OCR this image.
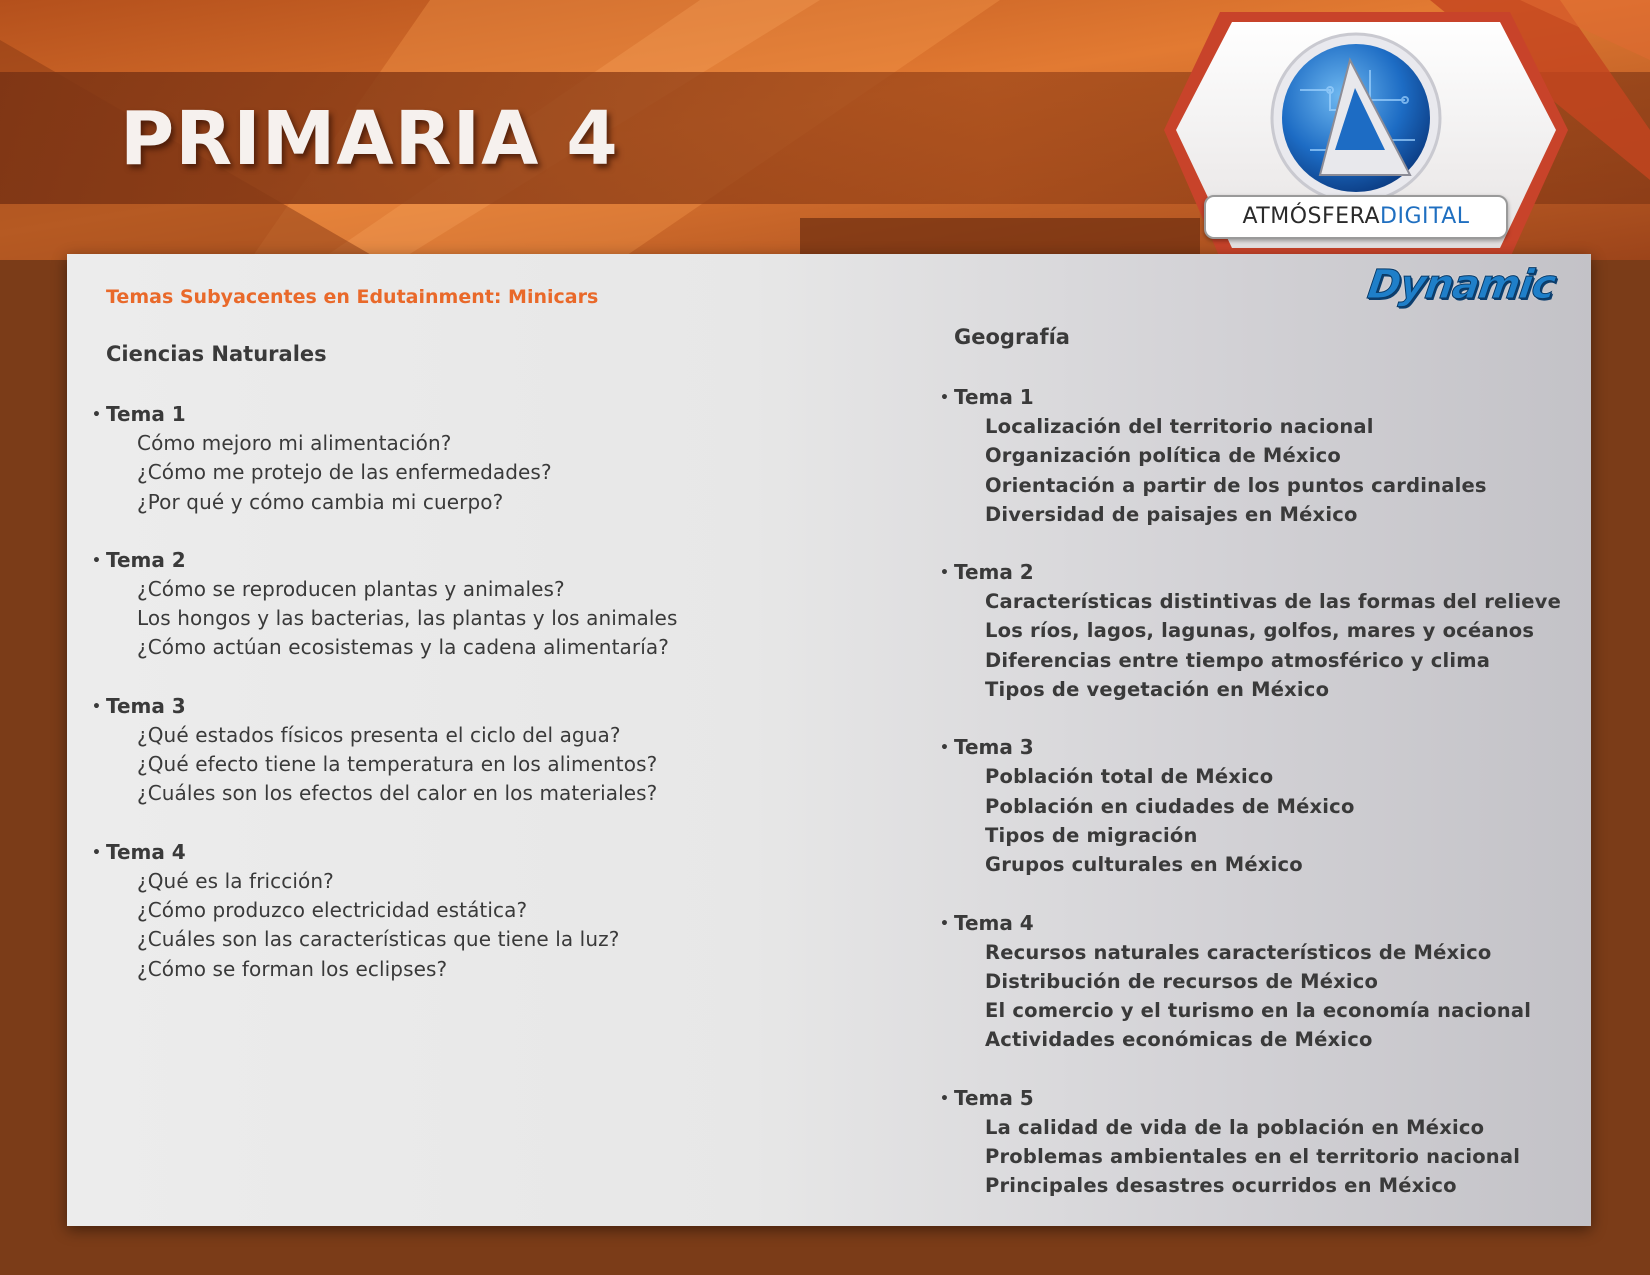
PRIMARIA 4
ATMÓSFERADIGITAL
Dynamic
Temas Subyacentes en Edutainment: Minicars
Ciencias Naturales
• Tema 1
Cómo mejoro mi alimentación?
¿Cómo me protejo de las enfermedades?
¿Por qué y cómo cambia mi cuerpo?
• Tema 2
¿Cómo se reproducen plantas y animales?
Los hongos y las bacterias, las plantas y los animales
¿Cómo actúan ecosistemas y la cadena alimentaría?
• Tema 3
¿Qué estados físicos presenta el ciclo del agua?
¿Qué efecto tiene la temperatura en los alimentos?
¿Cuáles son los efectos del calor en los materiales?
• Tema 4
¿Qué es la fricción?
¿Cómo produzco electricidad estática?
¿Cuáles son las características que tiene la luz?
¿Cómo se forman los eclipses?
Geografía
• Tema 1
Localización del territorio nacional
Organización política de México
Orientación a partir de los puntos cardinales
Diversidad de paisajes en México
• Tema 2
Características distintivas de las formas del relieve
Los ríos, lagos, lagunas, golfos, mares y océanos
Diferencias entre tiempo atmosférico y clima
Tipos de vegetación en México
• Tema 3
Población total de México
Población en ciudades de México
Tipos de migración
Grupos culturales en México
• Tema 4
Recursos naturales característicos de México
Distribución de recursos de México
El comercio y el turismo en la economía nacional
Actividades económicas de México
• Tema 5
La calidad de vida de la población en México
Problemas ambientales en el territorio nacional
Principales desastres ocurridos en México
